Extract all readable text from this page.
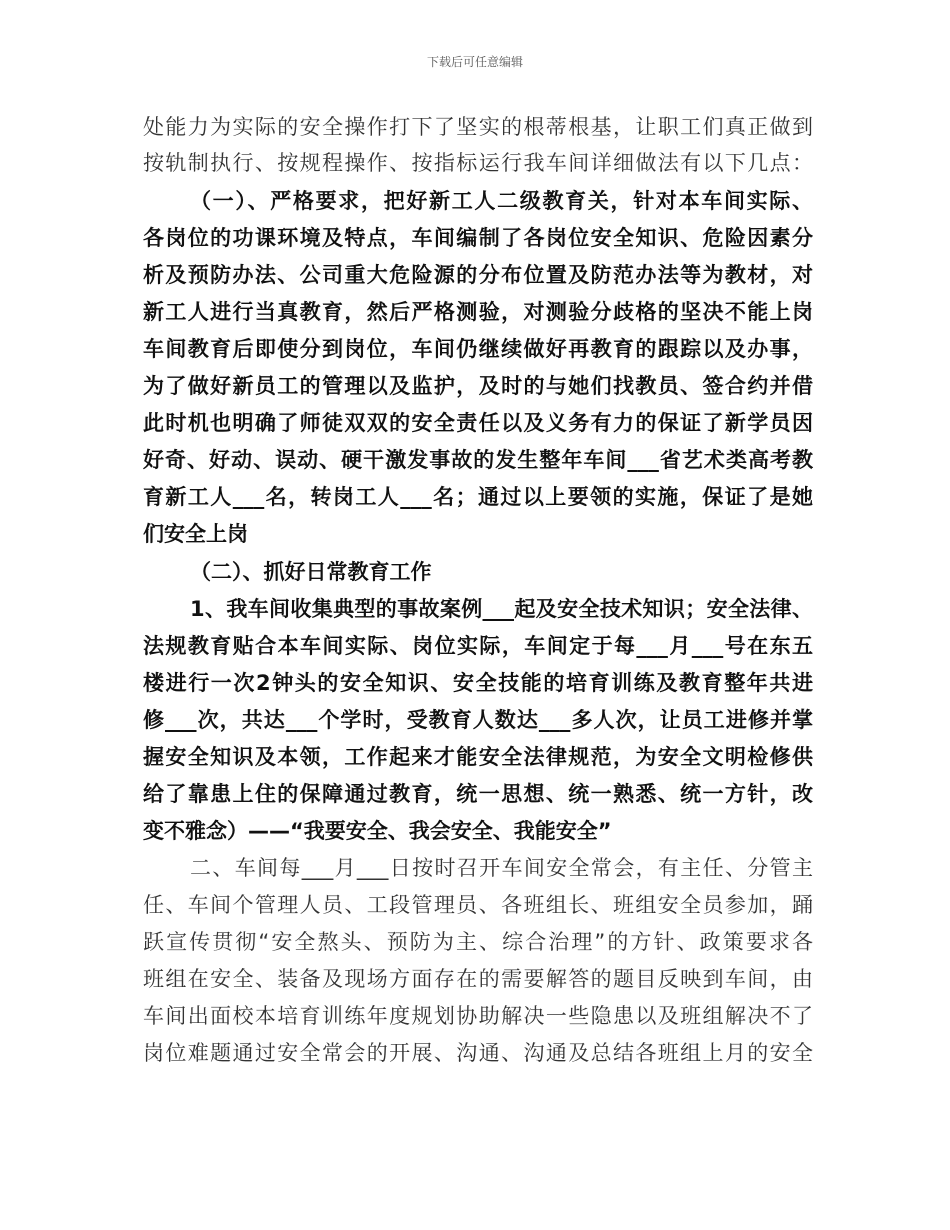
下载后可任意编辑
处能力为实际的安全操作打下了坚实的根蒂根基，让职工们真正做到
按轨制执行、按规程操作、按指标运行我车间详细做法有以下几点：
（一）、严格要求，把好新工人二级教育关，针对本车间实际、
各岗位的功课环境及特点，车间编制了各岗位安全知识、危险因素分
析及预防办法、公司重大危险源的分布位置及防范办法等为教材，对
新工人进行当真教育，然后严格测验，对测验分歧格的坚决不能上岗
车间教育后即使分到岗位，车间仍继续做好再教育的跟踪以及办事，
为了做好新员工的管理以及监护，及时的与她们找教员、签合约并借
此时机也明确了师徒双双的安全责任以及义务有力的保证了新学员因
好奇、好动、误动、硬干激发事故的发生整年车间___省艺术类高考教
育新工人___名，转岗工人___名；通过以上要领的实施，保证了是她
们安全上岗
（二）、抓好日常教育工作
1、我车间收集典型的事故案例___起及安全技术知识；安全法律、
法规教育贴合本车间实际、岗位实际，车间定于每___月___号在东五
楼进行一次2钟头的安全知识、安全技能的培育训练及教育整年共进
修___次，共达___个学时，受教育人数达___多人次，让员工进修并掌
握安全知识及本领，工作起来才能安全法律规范，为安全文明检修供
给了靠患上住的保障通过教育，统一思想、统一熟悉、统一方针，改
变不雅念）——“我要安全、我会安全、我能安全”
二、车间每___月___日按时召开车间安全常会，有主任、分管主
任、车间个管理人员、工段管理员、各班组长、班组安全员参加，踊
跃宣传贯彻“安全熬头、预防为主、综合治理”的方针、政策要求各
班组在安全、装备及现场方面存在的需要解答的题目反映到车间，由
车间出面校本培育训练年度规划协助解决一些隐患以及班组解决不了
岗位难题通过安全常会的开展、沟通、沟通及总结各班组上月的安全
